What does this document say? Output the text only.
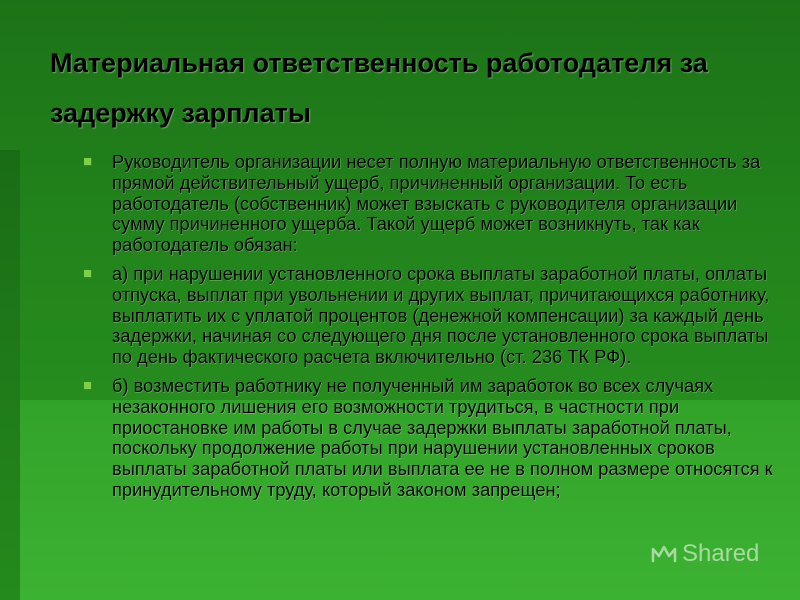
Материальная ответственность работодателя за задержку зарплаты
Руководитель организации несет полную материальную ответственность за прямой действительный ущерб, причиненный организации. То есть работодатель (собственник) может взыскать с руководителя организации сумму причиненного ущерба. Такой ущерб может возникнуть, так как работодатель обязан:
а) при нарушении установленного срока выплаты заработной платы, оплаты отпуска, выплат при увольнении и других выплат, причитающихся работнику, выплатить их с уплатой процентов (денежной компенсации) за каждый день задержки, начиная со следующего дня после установленного срока выплаты по день фактического расчета включительно (ст. 236 ТК РФ).
б) возместить работнику не полученный им заработок во всех случаях незаконного лишения его возможности трудиться, в частности при приостановке им работы в случае задержки выплаты заработной платы, поскольку продолжение работы при нарушении установленных сроков выплаты заработной платы или выплата ее не в полном размере относятся к принудительному труду, который законом запрещен;
Shared
